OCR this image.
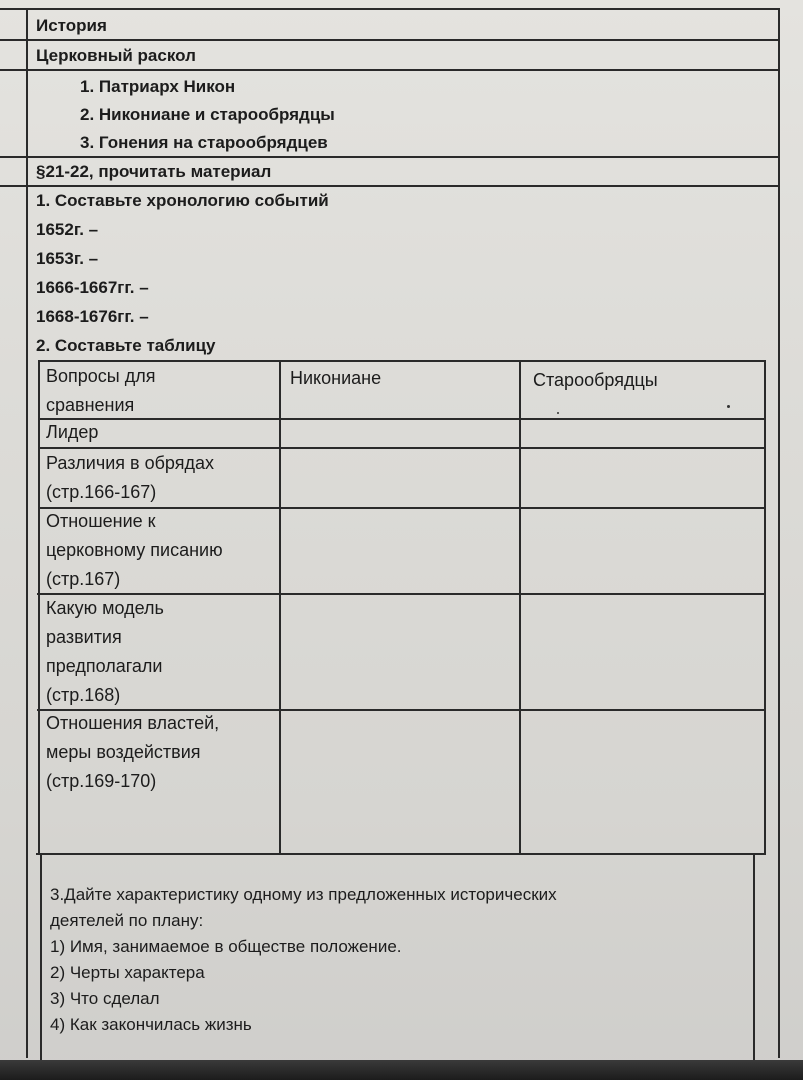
История
Церковный раскол
1. Патриарх Никон
2. Никониане и старообрядцы
3. Гонения на старообрядцев
§21-22, прочитать материал
1. Составьте хронологию событий
1652г. –
1653г. –
1666-1667гг. –
1668-1676гг. –
2. Составьте таблицу
Вопросы для
сравнения
Никониане	Старообрядцы
Лидер
Различия в обрядах
(стр.166-167)
Отношение к
церковному писанию
(стр.167)
Какую модель
развития
предполагали
(стр.168)
Отношения властей,
меры воздействия
(стр.169-170)
3.Дайте характеристику одному из предложенных исторических
деятелей по плану:
1) Имя, занимаемое в обществе положение.
2) Черты характера
3) Что сделал
4) Как закончилась жизнь
